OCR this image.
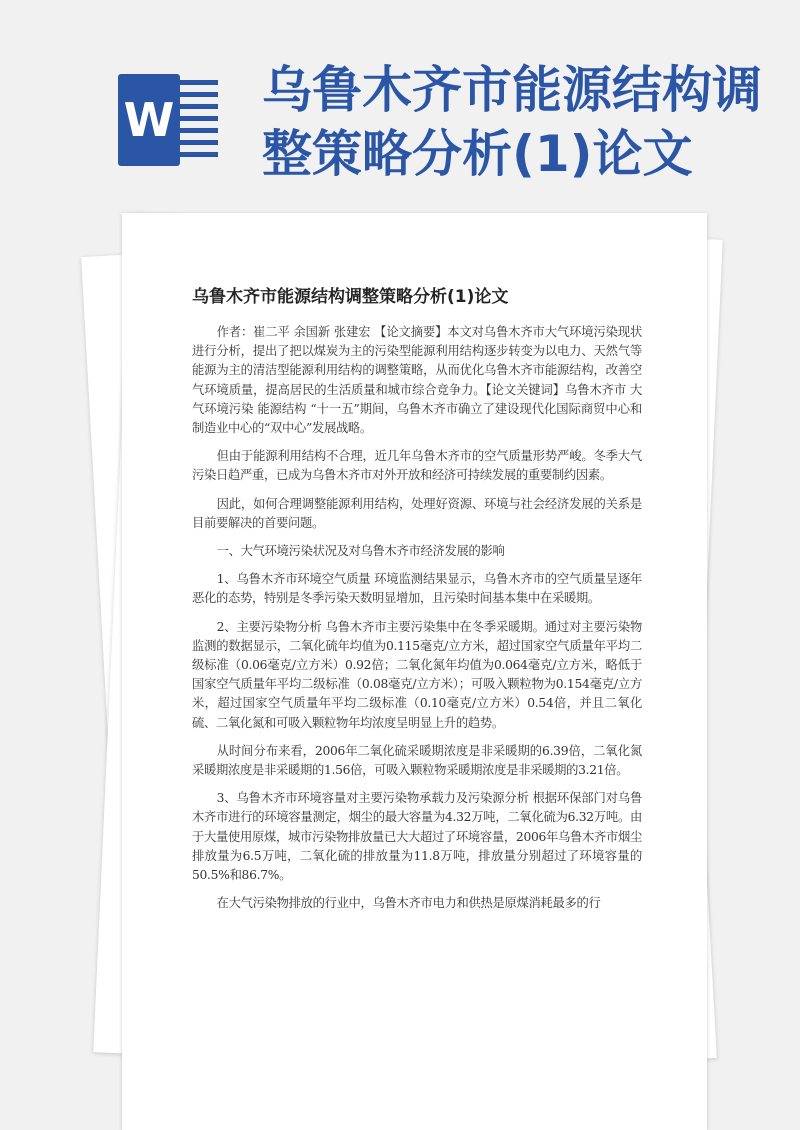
W
乌鲁木齐市能源结构调整策略分析(1)论文
乌鲁木齐市能源结构调整策略分析(1)论文

作者：崔二平 余国新 张建宏 【论文摘要】本文对乌鲁木齐市大气环境污染现状进行分析，提出了把以煤炭为主的污染型能源利用结构逐步转变为以电力、天然气等能源为主的清洁型能源利用结构的调整策略，从而优化乌鲁木齐市能源结构，改善空气环境质量，提高居民的生活质量和城市综合竞争力。【论文关键词】乌鲁木齐市 大气环境污染 能源结构 “十一五”期间，乌鲁木齐市确立了建设现代化国际商贸中心和制造业中心的“双中心”发展战略。

但由于能源利用结构不合理，近几年乌鲁木齐市的空气质量形势严峻。冬季大气污染日趋严重，已成为乌鲁木齐市对外开放和经济可持续发展的重要制约因素。

因此，如何合理调整能源利用结构，处理好资源、环境与社会经济发展的关系是目前要解决的首要问题。

一、大气环境污染状况及对乌鲁木齐市经济发展的影响

1、乌鲁木齐市环境空气质量 环境监测结果显示，乌鲁木齐市的空气质量呈逐年恶化的态势，特别是冬季污染天数明显增加，且污染时间基本集中在采暖期。

2、主要污染物分析 乌鲁木齐市主要污染集中在冬季采暖期。通过对主要污染物监测的数据显示，二氧化硫年均值为0.115毫克/立方米，超过国家空气质量年平均二级标准（0.06毫克/立方米）0.92倍；二氧化氮年均值为0.064毫克/立方米，略低于国家空气质量年平均二级标准（0.08毫克/立方米）；可吸入颗粒物为0.154毫克/立方米，超过国家空气质量年平均二级标准（0.10毫克/立方米）0.54倍，并且二氧化硫、二氧化氮和可吸入颗粒物年均浓度呈明显上升的趋势。

从时间分布来看，2006年二氧化硫采暖期浓度是非采暖期的6.39倍，二氧化氮采暖期浓度是非采暖期的1.56倍，可吸入颗粒物采暖期浓度是非采暖期的3.21倍。

3、乌鲁木齐市环境容量对主要污染物承载力及污染源分析 根据环保部门对乌鲁木齐市进行的环境容量测定，烟尘的最大容量为4.32万吨，二氧化硫为6.32万吨。由于大量使用原煤，城市污染物排放量已大大超过了环境容量，2006年乌鲁木齐市烟尘排放量为6.5万吨，二氧化硫的排放量为11.8万吨，排放量分别超过了环境容量的50.5%和86.7%。

在大气污染物排放的行业中，乌鲁木齐市电力和供热是原煤消耗最多的行
